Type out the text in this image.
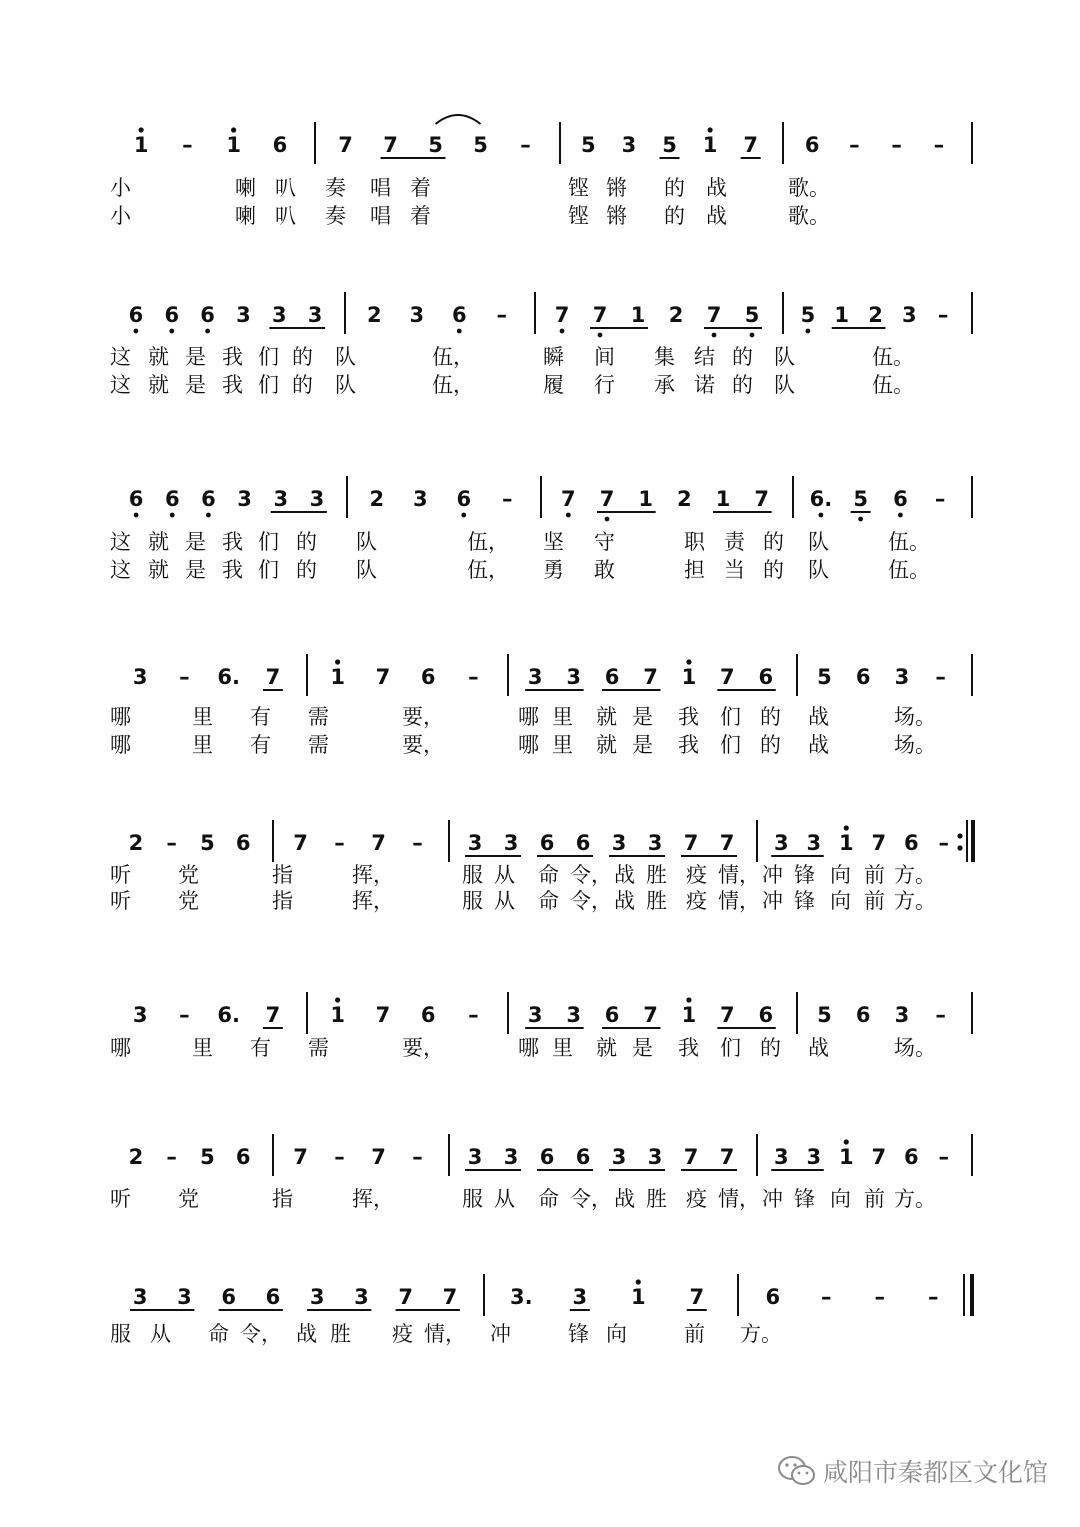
1 – 1 6 7 7 5 5 – 5 3 5 1 7 6 – – –
小	喇 叭 奏 唱 着	铿 锵 的 战	歌。
小	喇 叭 奏 唱 着	铿 锵 的 战	歌。
6 6 6 3 3 3 2 3 6 – 7 7 1 2 7 5 5 1 2 3 –
这 就 是 我 们 的 队	伍，	瞬 间 集 结 的 队	伍。
这 就 是 我 们 的 队	伍，	履 行 承 诺 的 队	伍。
6 6 6 3 3 3 2 3 6 – 7 7 1 2 1 7 6. 5 6 –
这 就 是 我 们 的 队	伍， 坚 守	职 责 的 队	伍。
这 就 是 我 们 的 队	伍， 勇 敢	担 当 的 队	伍。
3 – 6. 7 1 7 6 – 3 3 6 7 1 7 6 5 6 3 –
哪	里 有 需	要，	哪 里 就 是 我 们 的 战	场。
哪	里 有 需	要，	哪 里 就 是 我 们 的 战	场。
2 – 5 6 7 – 7 – 3 3 6 6 3 3 7 7 3 3 1 7 6 –
听 党	指	挥，	服 从 命 令， 战 胜 疫 情， 冲 锋 向 前 方。
听 党	指	挥，	服 从 命 令， 战 胜 疫 情， 冲 锋 向 前 方。
3 – 6. 7 1 7 6 – 3 3 6 7 1 7 6 5 6 3 –
哪	里 有 需	要，	哪 里 就 是 我 们 的 战	场。
2 – 5 6 7 – 7 – 3 3 6 6 3 3 7 7 3 3 1 7 6 –
听 党	指	挥，	服 从 命 令， 战 胜 疫 情， 冲 锋 向 前 方。
3 3 6 6 3 3 7 7	3. 3 1 7	6 – – –
服 从 命 令， 战 胜 疫 情， 冲	锋 向	前 方。
咸阳市秦都区文化馆
